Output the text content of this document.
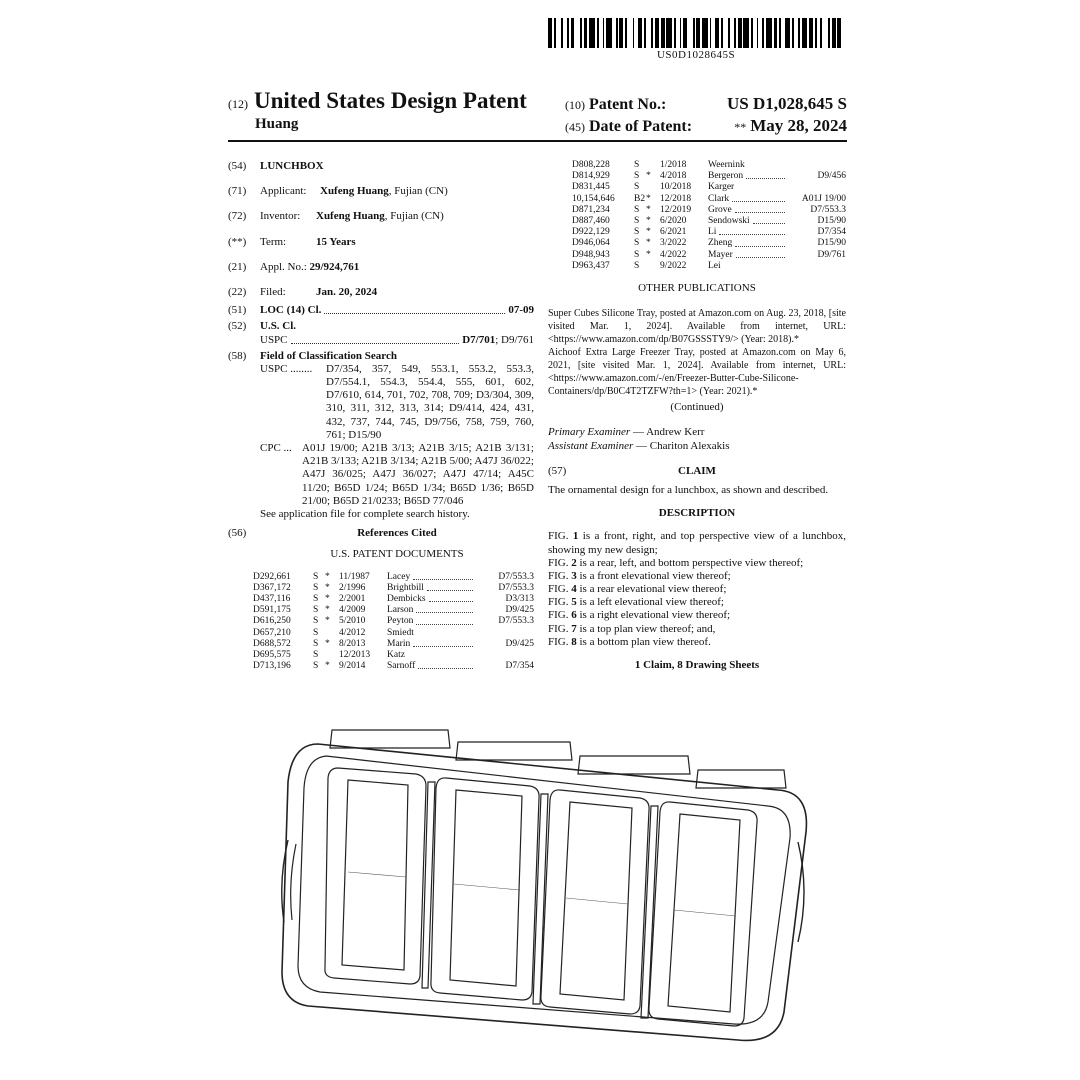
US0D1028645S
(12) United States Design Patent
Huang
(10) Patent No.:	US D1,028,645 S
(45) Date of Patent:	** May 28, 2024
(54)	LUNCHBOX
(71)	Applicant: Xufeng Huang, Fujian (CN)
(72)	Inventor: Xufeng Huang, Fujian (CN)
(**)	Term:	15 Years
(21)	Appl. No.: 29/924,761
(22)	Filed:	Jan. 20, 2024
(51)	LOC (14) Cl.	07-09
(52)	U.S. Cl.
USPC	D7/701; D9/761
(58)	Field of Classification Search
USPC ........	D7/354, 357, 549, 553.1, 553.2, 553.3, D7/554.1, 554.3, 554.4, 555, 601, 602, D7/610, 614, 701, 702, 708, 709; D3/304, 309, 310, 311, 312, 313, 314; D9/414, 424, 431, 432, 737, 744, 745, D9/756, 758, 759, 760, 761; D15/90
CPC ... A01J 19/00; A21B 3/13; A21B 3/15; A21B 3/131; A21B 3/133; A21B 3/134; A21B 5/00; A47J 36/022; A47J 36/025; A47J 36/027; A47J 47/14; A45C 11/20; B65D 1/24; B65D 1/34; B65D 1/36; B65D 21/00; B65D 21/0233; B65D 77/046
See application file for complete search history.
(56)	References Cited
U.S. PATENT DOCUMENTS
D292,661	S * 11/1987	Lacey	D7/553.3
D367,172	S * 2/1996	Brightbill	D7/553.3
D437,116	S * 2/2001	Dembicks	D3/313
D591,175	S * 4/2009	Larson	D9/425
D616,250	S * 5/2010	Peyton	D7/553.3
D657,210	S	4/2012	Smiedt
D688,572	S * 8/2013	Marin	D9/425
D695,575	S	12/2013	Katz
D713,196	S * 9/2014	Sarnoff	D7/354
D808,228	S	1/2018	Weernink
D814,929	S * 4/2018	Bergeron	D9/456
D831,445	S	10/2018	Karger
10,154,646	B2 * 12/2018	Clark	A01J 19/00
D871,234	S * 12/2019	Grove	D7/553.3
D887,460	S * 6/2020	Sendowski	D15/90
D922,129	S * 6/2021	Li	D7/354
D946,064	S * 3/2022	Zheng	D15/90
D948,943	S * 4/2022	Mayer	D9/761
D963,437	S	9/2022	Lei
OTHER PUBLICATIONS
Super Cubes Silicone Tray, posted at Amazon.com on Aug. 23, 2018, [site visited Mar. 1, 2024]. Available from internet, URL: <https://www.amazon.com/dp/B07GSSSTY9/> (Year: 2018).*
Aichoof Extra Large Freezer Tray, posted at Amazon.com on May 6, 2021, [site visited Mar. 1, 2024]. Available from internet, URL: <https://www.amazon.com/-/en/Freezer-Butter-Cube-Silicone-Containers/dp/B0C4T2TZFW?th=1> (Year: 2021).*
(Continued)
Primary Examiner — Andrew Kerr
Assistant Examiner — Chariton Alexakis
(57)	CLAIM
The ornamental design for a lunchbox, as shown and described.
DESCRIPTION
FIG. 1 is a front, right, and top perspective view of a lunchbox, showing my new design;
FIG. 2 is a rear, left, and bottom perspective view thereof;
FIG. 3 is a front elevational view thereof;
FIG. 4 is a rear elevational view thereof;
FIG. 5 is a left elevational view thereof;
FIG. 6 is a right elevational view thereof;
FIG. 7 is a top plan view thereof; and,
FIG. 8 is a bottom plan view thereof.
1 Claim, 8 Drawing Sheets
